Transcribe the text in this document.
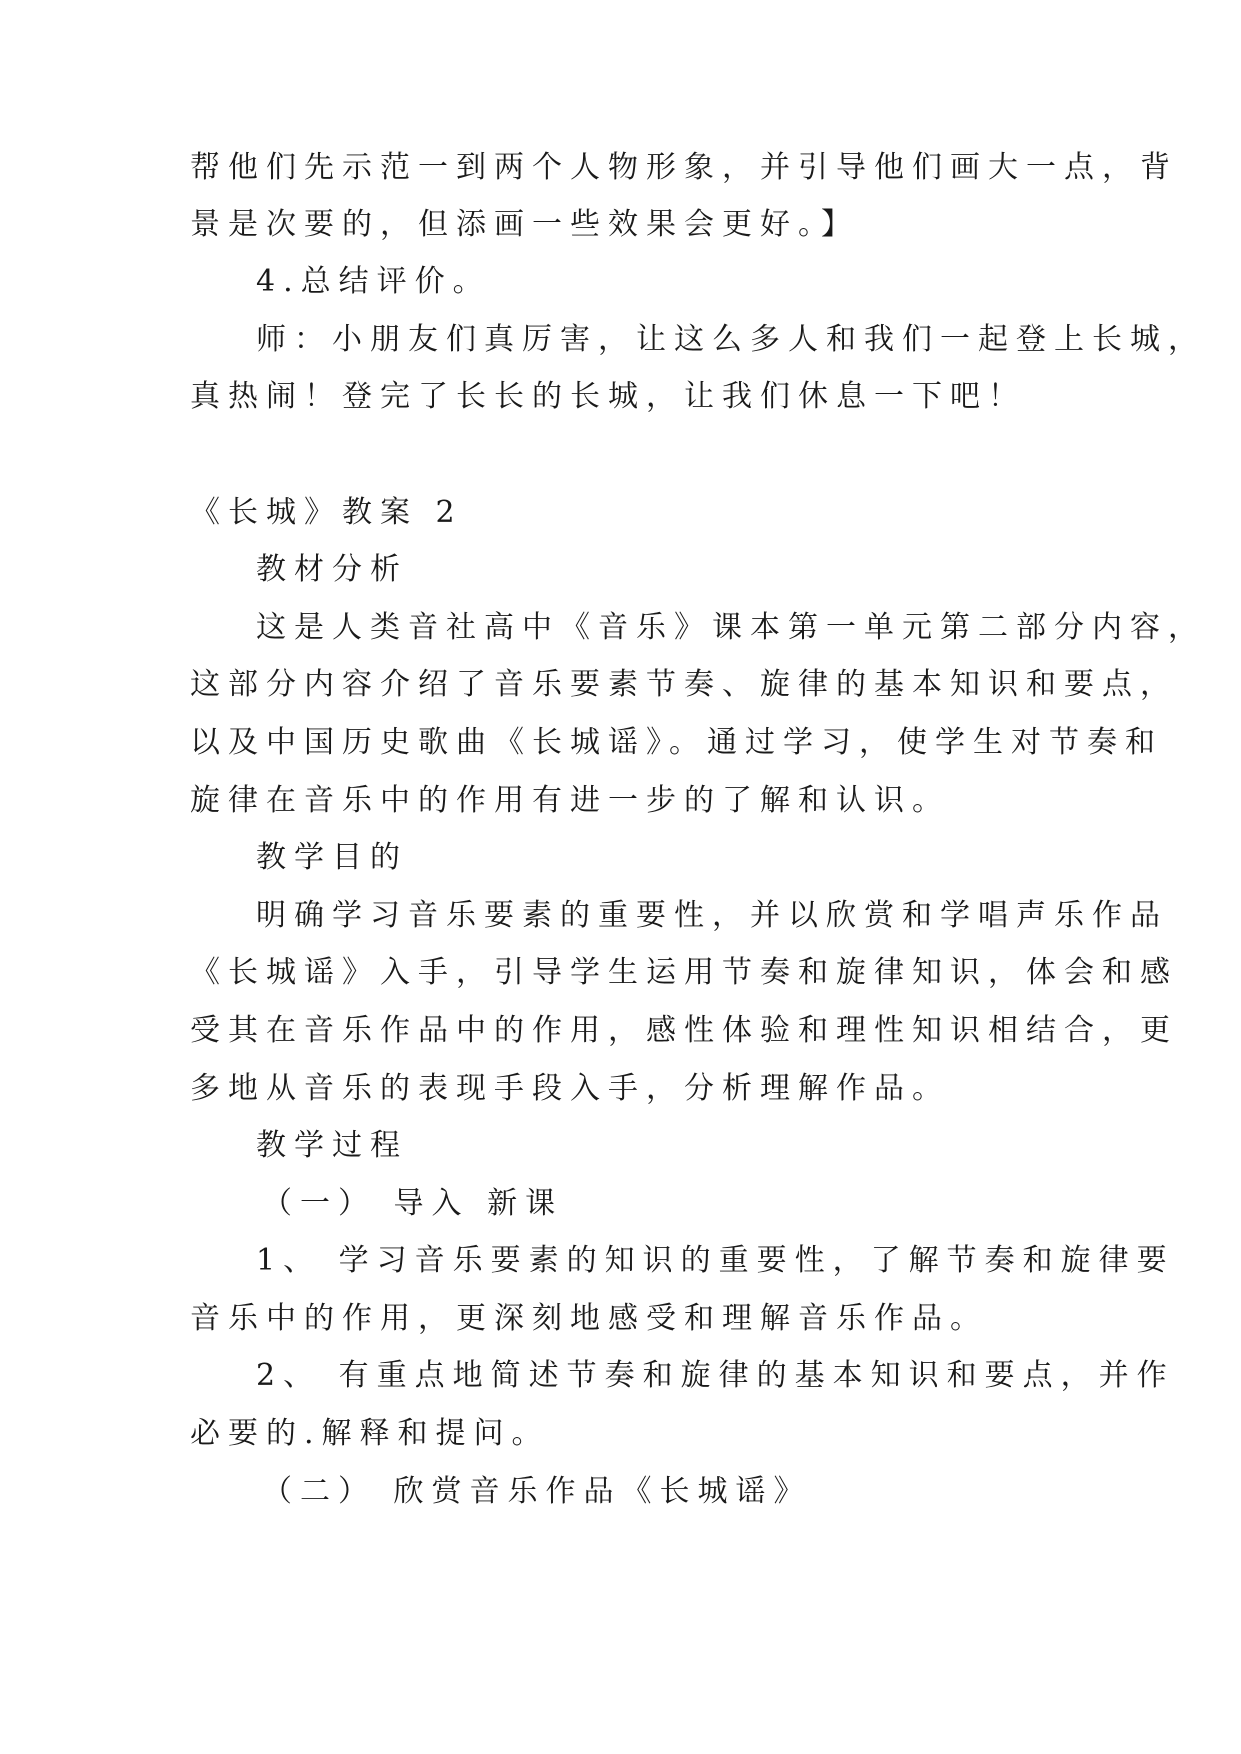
帮他们先示范一到两个人物形象，并引导他们画大一点，背
景是次要的，但添画一些效果会更好。】
4.总结评价。
师：小朋友们真厉害，让这么多人和我们一起登上长城，
真热闹！登完了长长的长城，让我们休息一下吧！
《长城》教案 2
教材分析
这是人类音社高中《音乐》课本第一单元第二部分内容，
这部分内容介绍了音乐要素节奏、旋律的基本知识和要点，
以及中国历史歌曲《长城谣》。通过学习，使学生对节奏和
旋律在音乐中的作用有进一步的了解和认识。
教学目的
明确学习音乐要素的重要性，并以欣赏和学唱声乐作品
《长城谣》入手，引导学生运用节奏和旋律知识，体会和感
受其在音乐作品中的作用，感性体验和理性知识相结合，更
多地从音乐的表现手段入手，分析理解作品。
教学过程
（一） 导入 新课
1、 学习音乐要素的知识的重要性，了解节奏和旋律要
音乐中的作用，更深刻地感受和理解音乐作品。
2、 有重点地简述节奏和旋律的基本知识和要点，并作
必要的.解释和提问。
（二） 欣赏音乐作品《长城谣》
